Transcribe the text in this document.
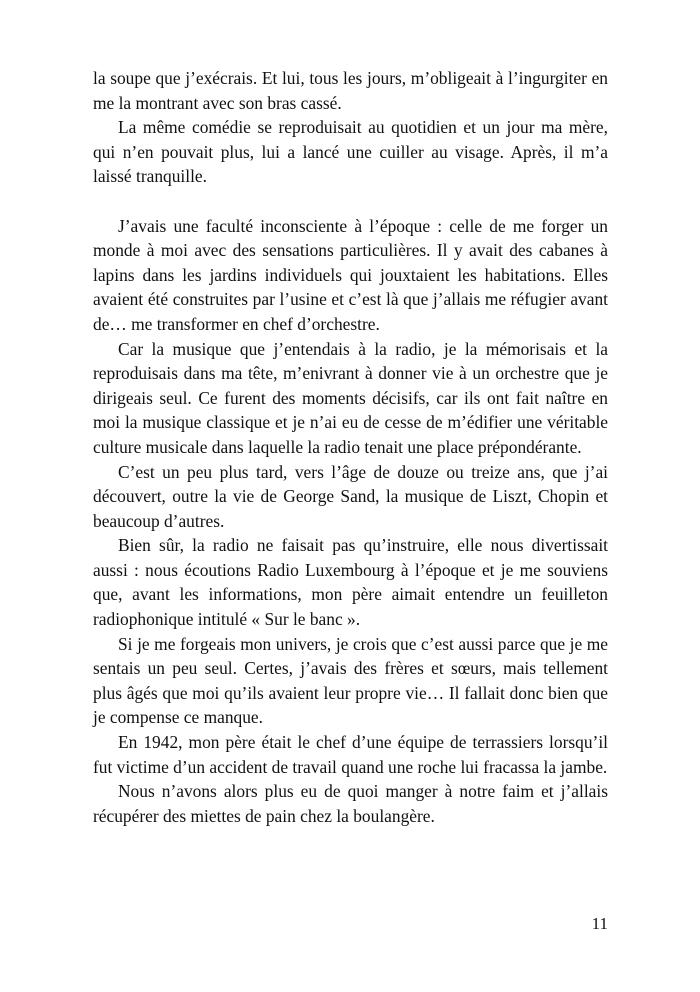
la soupe que j’exécrais. Et lui, tous les jours, m’obligeait à l’ingurgiter en me la montrant avec son bras cassé.

La même comédie se reproduisait au quotidien et un jour ma mère, qui n’en pouvait plus, lui a lancé une cuiller au visage. Après, il m’a laissé tranquille.

J’avais une faculté inconsciente à l’époque : celle de me forger un monde à moi avec des sensations particulières. Il y avait des cabanes à lapins dans les jardins individuels qui jouxtaient les habitations. Elles avaient été construites par l’usine et c’est là que j’allais me réfugier avant de… me transformer en chef d’orchestre.

Car la musique que j’entendais à la radio, je la mémorisais et la reproduisais dans ma tête, m’enivrant à donner vie à un orchestre que je dirigeais seul. Ce furent des moments décisifs, car ils ont fait naître en moi la musique classique et je n’ai eu de cesse de m’édifier une véritable culture musicale dans laquelle la radio tenait une place prépondérante.

C’est un peu plus tard, vers l’âge de douze ou treize ans, que j’ai découvert, outre la vie de George Sand, la musique de Liszt, Chopin et beaucoup d’autres.

Bien sûr, la radio ne faisait pas qu’instruire, elle nous divertissait aussi : nous écoutions Radio Luxembourg à l’époque et je me souviens que, avant les informations, mon père aimait entendre un feuilleton radiophonique intitulé « Sur le banc ».

Si je me forgeais mon univers, je crois que c’est aussi parce que je me sentais un peu seul. Certes, j’avais des frères et sœurs, mais tellement plus âgés que moi qu’ils avaient leur propre vie… Il fallait donc bien que je compense ce manque.

En 1942, mon père était le chef d’une équipe de terrassiers lorsqu’il fut victime d’un accident de travail quand une roche lui fracassa la jambe.

Nous n’avons alors plus eu de quoi manger à notre faim et j’allais récupérer des miettes de pain chez la boulangère.

11
